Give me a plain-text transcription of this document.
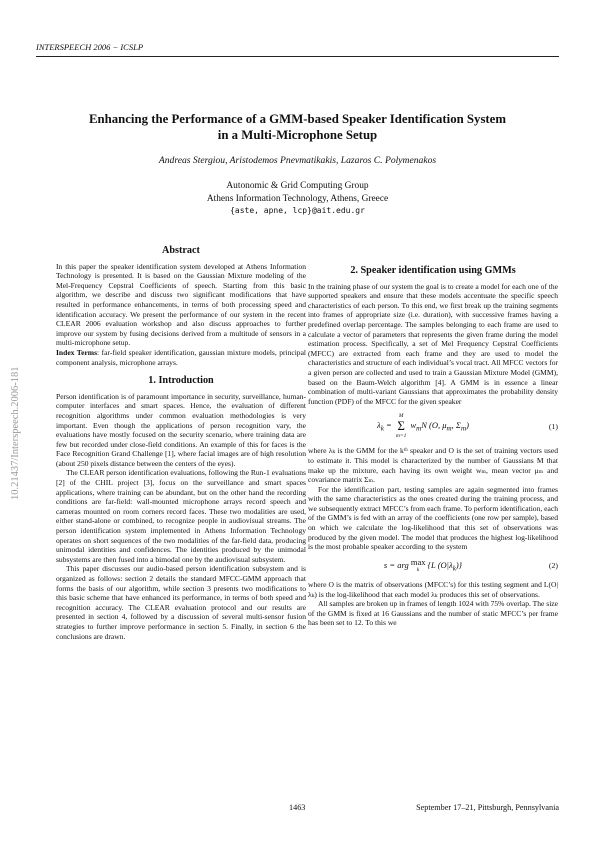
INTERSPEECH 2006 − ICSLP
Enhancing the Performance of a GMM-based Speaker Identification System
in a Multi-Microphone Setup
Andreas Stergiou, Aristodemos Pnevmatikakis, Lazaros C. Polymenakos
Autonomic & Grid Computing Group
Athens Information Technology, Athens, Greece
{aste, apne, lcp}@ait.edu.gr
10.21437/Interspeech.2006-181
Abstract

In this paper the speaker identification system developed at Athens Information Technology is presented. It is based on the Gaussian Mixture modeling of the Mel-Frequency Cepstral Coefficients of speech. Starting from this basic algorithm, we describe and discuss two significant modifications that have resulted in performance enhancements, in terms of both processing speed and identification accuracy. We present the performance of our system in the recent CLEAR 2006 evaluation workshop and also discuss approaches to further improve our system by fusing decisions derived from a multitude of sensors in a multi-microphone setup.

Index Terms: far-field speaker identification, gaussian mixture models, principal component analysis, microphone arrays.

1. Introduction

Person identification is of paramount importance in security, surveillance, human-computer interfaces and smart spaces. Hence, the evaluation of different recognition algorithms under common evaluation methodologies is very important. Even though the applications of person recognition vary, the evaluations have mostly focused on the security scenario, where training data are few but recorded under close-field conditions. An example of this for faces is the Face Recognition Grand Challenge [1], where facial images are of high resolution (about 250 pixels distance between the centers of the eyes).

The CLEAR person identification evaluations, following the Run-1 evaluations [2] of the CHIL project [3], focus on the surveillance and smart spaces applications, where training can be abundant, but on the other hand the recording conditions are far-field: wall-mounted microphone arrays record speech and cameras mounted on room corners record faces. These two modalities are used, either stand-alone or combined, to recognize people in audiovisual streams. The person identification system implemented in Athens Information Technology operates on short sequences of the two modalities of the far-field data, producing unimodal identities and confidences. The identities produced by the unimodal subsystems are then fused into a bimodal one by the audiovisual subsystem.

This paper discusses our audio-based person identification subsystem and is organized as follows: section 2 details the standard MFCC-GMM approach that forms the basis of our algorithm, while section 3 presents two modifications to this basic scheme that have enhanced its performance, in terms of both speed and recognition accuracy. The CLEAR evaluation protocol and our results are presented in section 4, followed by a discussion of several multi-sensor fusion strategies to further improve performance in section 5. Finally, in section 6 the conclusions are drawn.

2. Speaker identification using GMMs

In the training phase of our system the goal is to create a model for each one of the supported speakers and ensure that these models accentuate the specific speech characteristics of each person. To this end, we first break up the training segments into frames of appropriate size (i.e. duration), with successive frames having a predefined overlap percentage. The samples belonging to each frame are used to calculate a vector of parameters that represents the given frame during the model estimation process. Specifically, a set of Mel Frequency Cepstral Coefficients (MFCC) are extracted from each frame and they are used to model the characteristics and structure of each individual’s vocal tract. All MFCC vectors for a given person are collected and used to train a Gaussian Mixture Model (GMM), based on the Baum-Welch algorithm [4]. A GMM is in essence a linear combination of multi-variant Gaussians that approximates the probability density function (PDF) of the MFCC for the given speaker

$\lambda_k$ =
M
Σ
m=1
$w_mN$ (O, $\mu_m$, $\Sigma_m$)	(1)

where λₖ is the GMM for the kᵗʰ speaker and O is the set of training vectors used to estimate it. This model is characterized by the number of Gaussians M that make up the mixture, each having its own weight wₘ, mean vector μₘ and covariance matrix Σₘ.

For the identification part, testing samples are again segmented into frames with the same characteristics as the ones created during the training process, and we subsequently extract MFCC’s from each frame. To perform identification, each of the GMM’s is fed with an array of the coefficients (one row per sample), based on which we calculate the log-likelihood that this set of observations was produced by the given model. The model that produces the highest log-likelihood is the most probable speaker according to the system

s = arg max
k
{L $(O|\lambda_k)$}	(2)

where O is the matrix of observations (MFCC’s) for this testing segment and L(O|λₖ) is the log-likelihood that each model λₖ produces this set of observations.

All samples are broken up in frames of length 1024 with 75% overlap. The size of the GMM is fixed at 16 Gaussians and the number of static MFCC’s per frame has been set to 12. To this we

1463	September 17–21, Pittsburgh, Pennsylvania
